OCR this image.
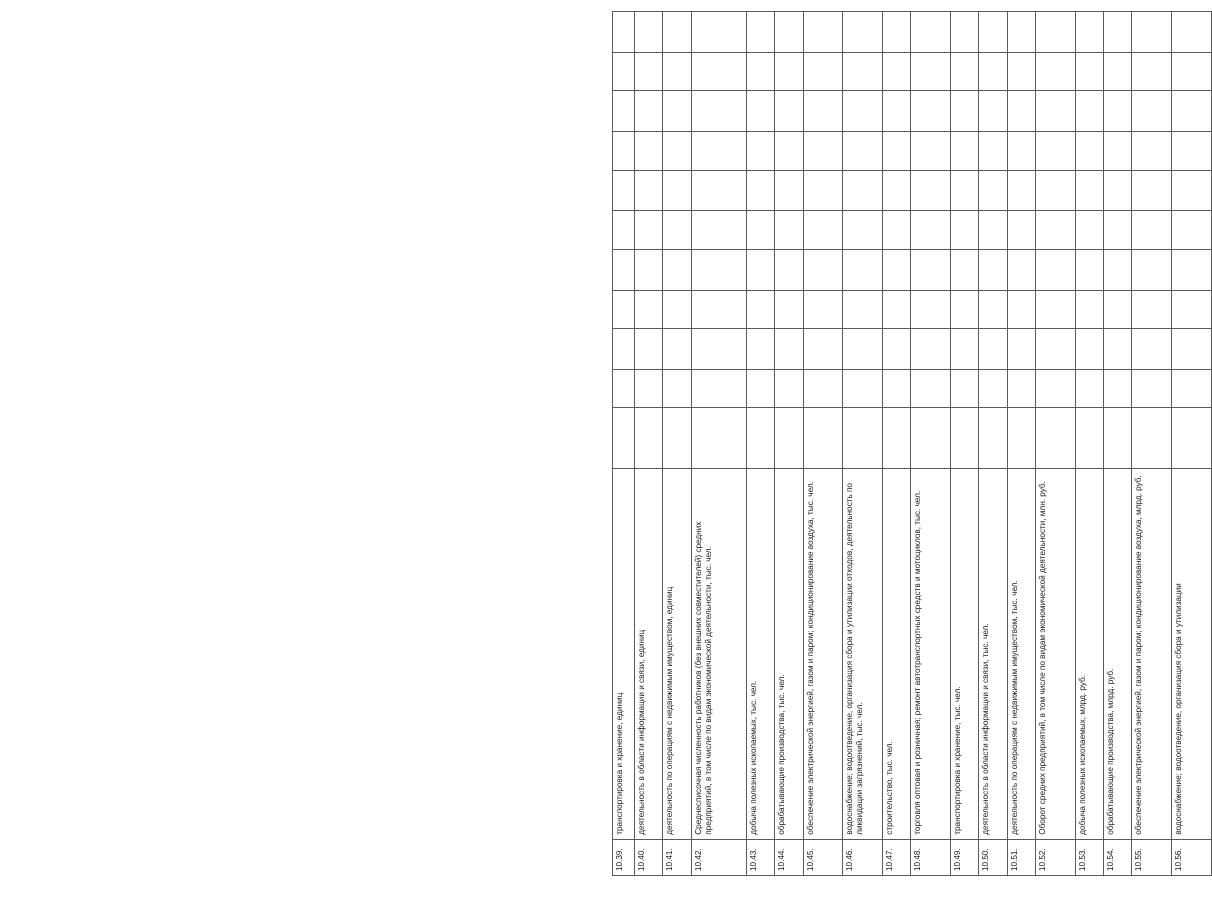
10.39.	транспортировка и хранение, единиц											
10.40.	деятельность в области информации и связи, единиц											
10.41.	деятельность по операциям с недвижимым имуществом, единиц											
10.42.	Среднесписочная численность работников (без внешних совместителей) средних предприятий, в том числе по видам экономической деятельности, тыс. чел.											
10.43.	добыча полезных ископаемых, тыс. чел.											
10.44.	обрабатывающие производства, тыс. чел.											
10.45.	обеспечение электрической энергией, газом и паром; кондиционирование воздуха, тыс. чел.											
10.46.	водоснабжение; водоотведение, организация сбора и утилизации отходов, деятельность по ликвидации загрязнений, тыс. чел.											
10.47.	строительство, тыс. чел.											
10.48.	торговля оптовая и розничная; ремонт автотранспортных средств и мотоциклов, тыс. чел.											
10.49.	транспортировка и хранение, тыс. чел.											
10.50.	деятельность в области информации и связи, тыс. чел.											
10.51.	деятельность по операциям с недвижимым имуществом, тыс. чел.											
10.52.	Оборот средних предприятий, в том числе по видам экономической деятельности, млн. руб.											
10.53.	добыча полезных ископаемых, млрд. руб.											
10.54.	обрабатывающие производства, млрд. руб.											
10.55.	обеспечение электрической энергией, газом и паром; кондиционирование воздуха, млрд. руб.											
10.56.	водоснабжение; водоотведение, организация сбора и утилизации											
